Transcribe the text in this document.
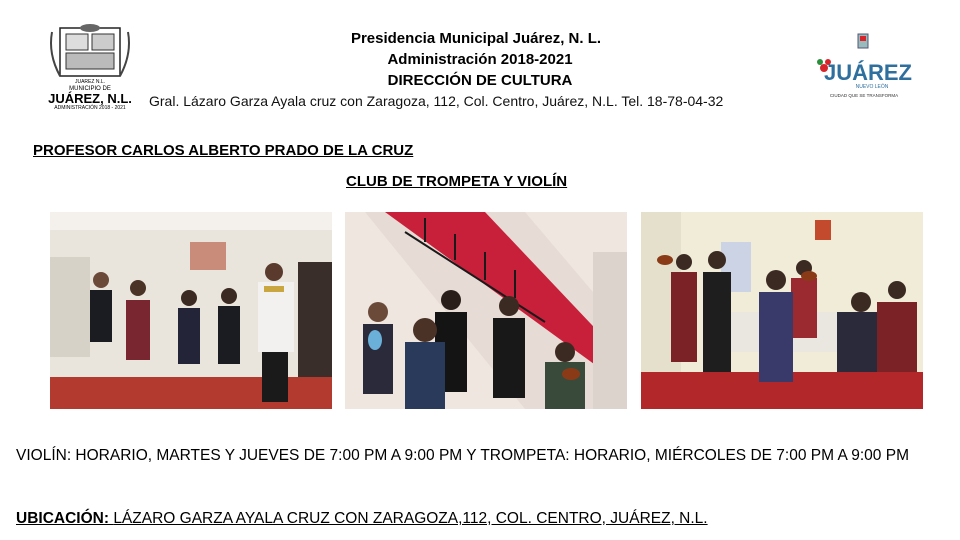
JUAREZ N.L.
MUNICIPIO DE
JUÁREZ, N.L.
ADMINISTRACIÓN 2018 - 2021
Presidencia Municipal Juárez, N. L.
Administración 2018-2021
DIRECCIÓN DE CULTURA
Gral. Lázaro Garza Ayala cruz con Zaragoza, 112, Col. Centro, Juárez, N.L. Tel. 18-78-04-32
JUÁREZ
NUEVO LEÓN
CIUDAD QUE SE TRANSFORMA
PROFESOR CARLOS ALBERTO PRADO DE LA CRUZ
CLUB DE TROMPETA Y VIOLÍN
VIOLÍN: HORARIO, MARTES Y JUEVES DE 7:00 PM A 9:00 PM Y TROMPETA: HORARIO, MIÉRCOLES DE 7:00 PM A 9:00 PM
UBICACIÓN: LÁZARO GARZA AYALA CRUZ CON ZARAGOZA,112, COL. CENTRO, JUÁREZ, N.L.
